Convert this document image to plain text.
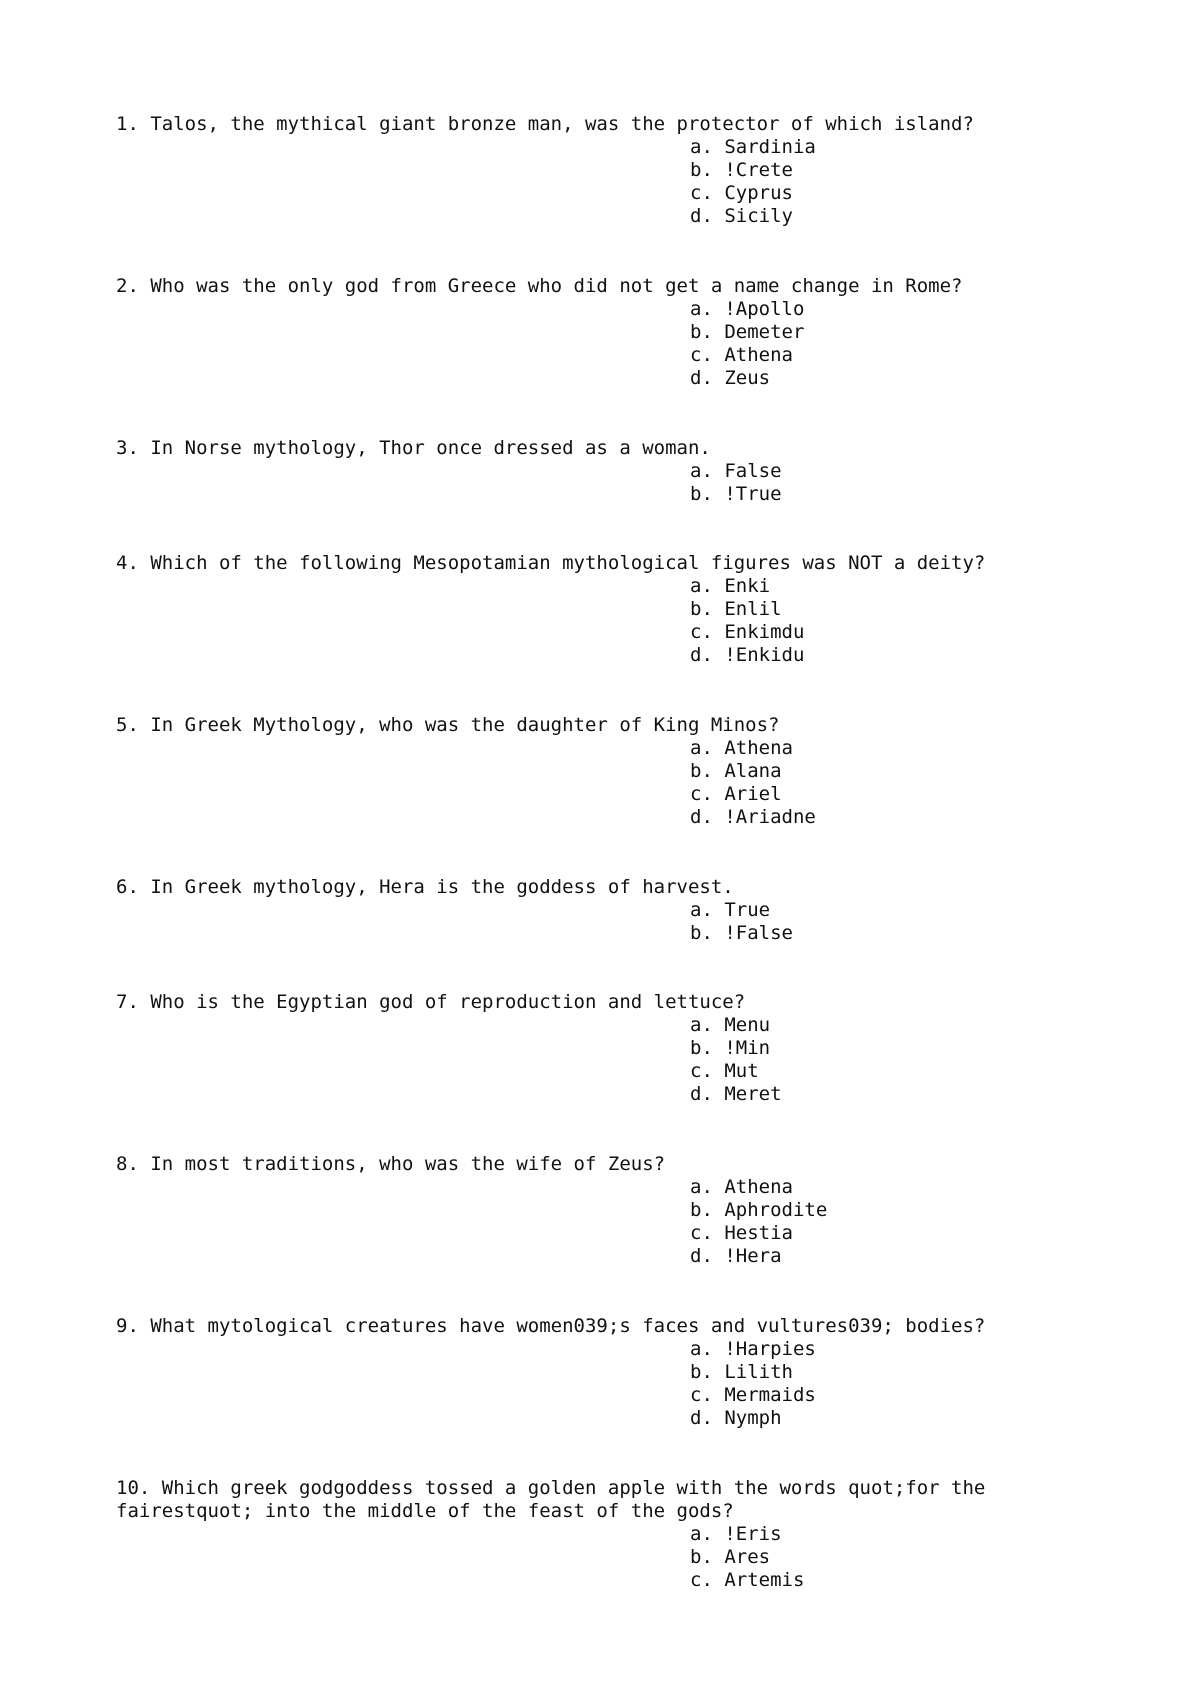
1. Talos, the mythical giant bronze man, was the protector of which island?

a. Sardinia
b. !Crete
c. Cyprus
d. Sicily

2. Who was the only god from Greece who did not get a name change in Rome?

a. !Apollo
b. Demeter
c. Athena
d. Zeus

3. In Norse mythology, Thor once dressed as a woman.

a. False
b. !True

4. Which of the following Mesopotamian mythological figures was NOT a deity?

a. Enki
b. Enlil
c. Enkimdu
d. !Enkidu

5. In Greek Mythology, who was the daughter of King Minos?

a. Athena
b. Alana
c. Ariel
d. !Ariadne

6. In Greek mythology, Hera is the goddess of harvest.

a. True
b. !False

7. Who is the Egyptian god of reproduction and lettuce?

a. Menu
b. !Min
c. Mut
d. Meret

8. In most traditions, who was the wife of Zeus?

a. Athena
b. Aphrodite
c. Hestia
d. !Hera

9. What mytological creatures have women039;s faces and vultures039; bodies?

a. !Harpies
b. Lilith
c. Mermaids
d. Nymph

10. Which greek godgoddess tossed a golden apple with the words quot;for the
fairestquot; into the middle of the feast of the gods?

a. !Eris
b. Ares
c. Artemis
